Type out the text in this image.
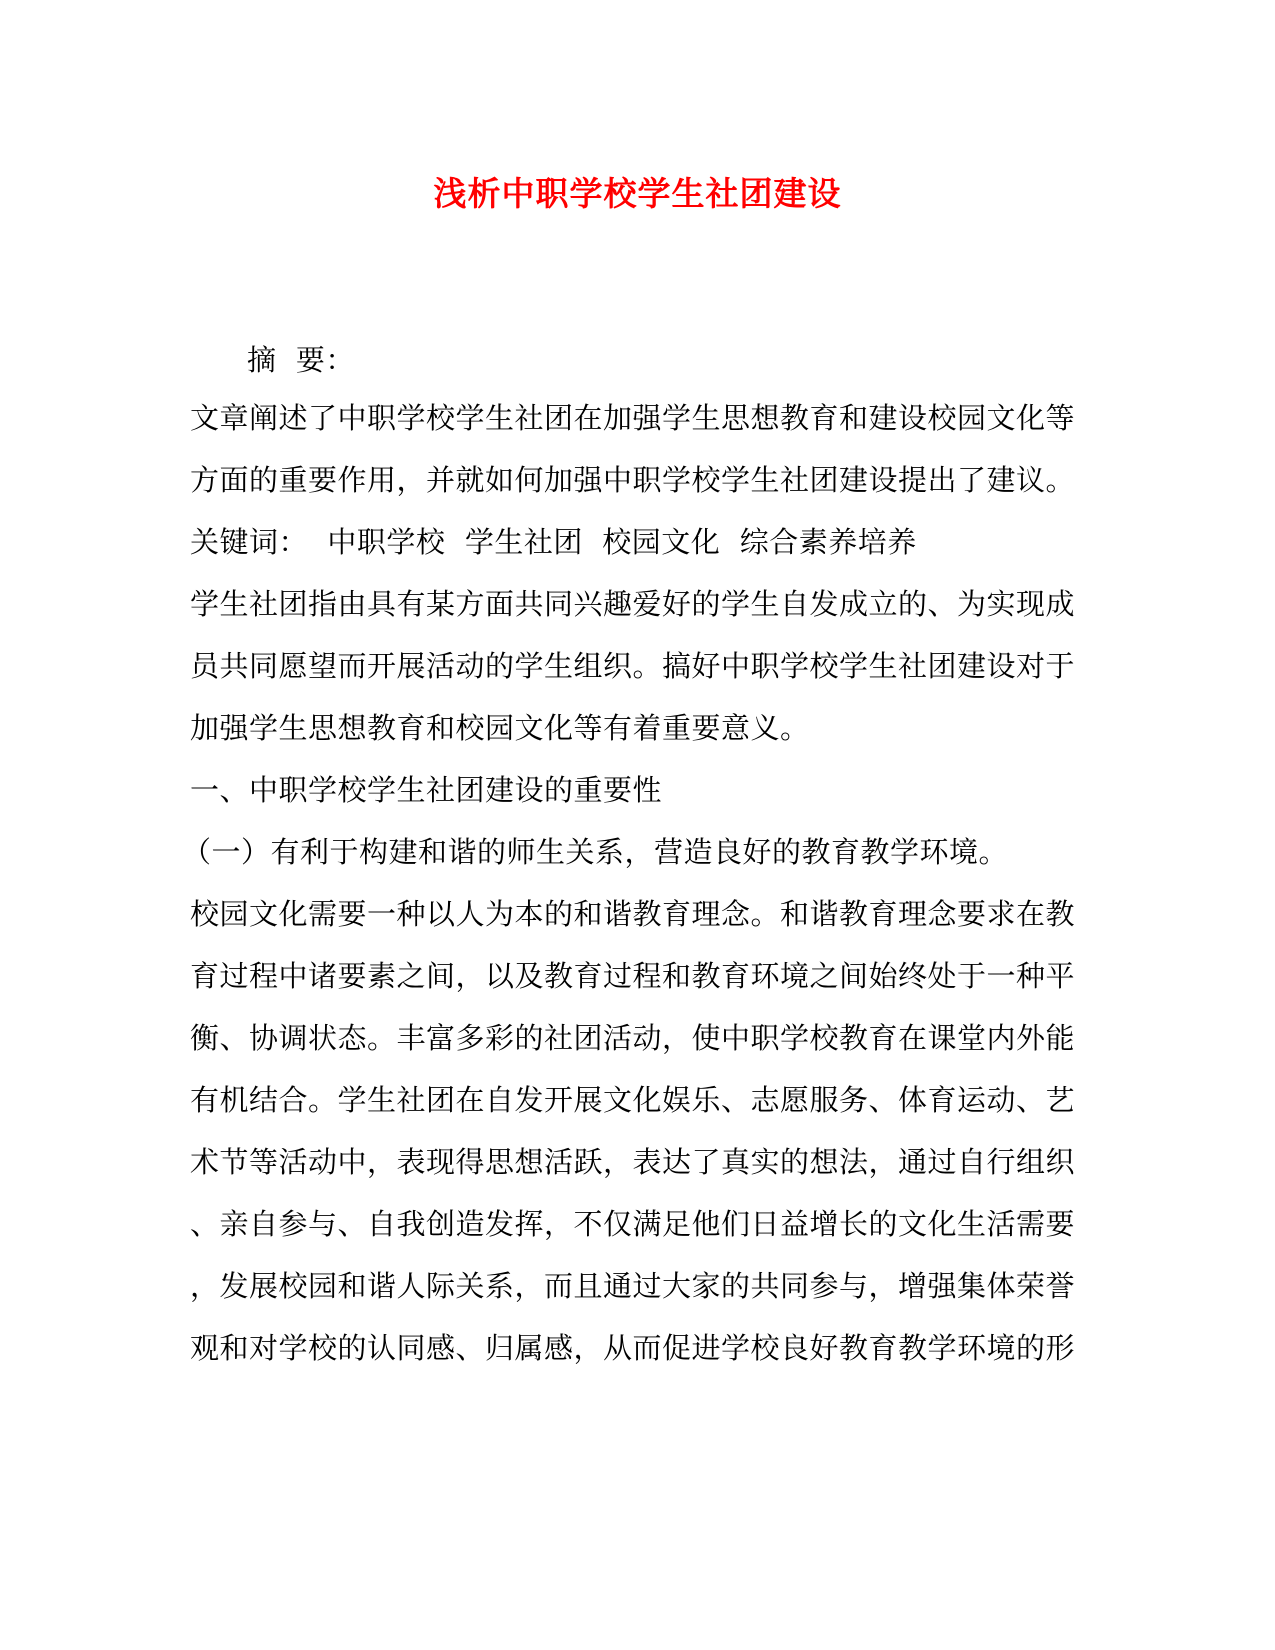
浅析中职学校学生社团建设
摘  要：
文章阐述了中职学校学生社团在加强学生思想教育和建设校园文化等
方面的重要作用，并就如何加强中职学校学生社团建设提出了建议。
关键词：  中职学校  学生社团  校园文化  综合素养培养
学生社团指由具有某方面共同兴趣爱好的学生自发成立的、为实现成
员共同愿望而开展活动的学生组织。搞好中职学校学生社团建设对于
加强学生思想教育和校园文化等有着重要意义。
一、中职学校学生社团建设的重要性
（一）有利于构建和谐的师生关系，营造良好的教育教学环境。
校园文化需要一种以人为本的和谐教育理念。和谐教育理念要求在教
育过程中诸要素之间，以及教育过程和教育环境之间始终处于一种平
衡、协调状态。丰富多彩的社团活动，使中职学校教育在课堂内外能
有机结合。学生社团在自发开展文化娱乐、志愿服务、体育运动、艺
术节等活动中，表现得思想活跃，表达了真实的想法，通过自行组织
、亲自参与、自我创造发挥，不仅满足他们日益增长的文化生活需要
，发展校园和谐人际关系，而且通过大家的共同参与，增强集体荣誉
观和对学校的认同感、归属感，从而促进学校良好教育教学环境的形
